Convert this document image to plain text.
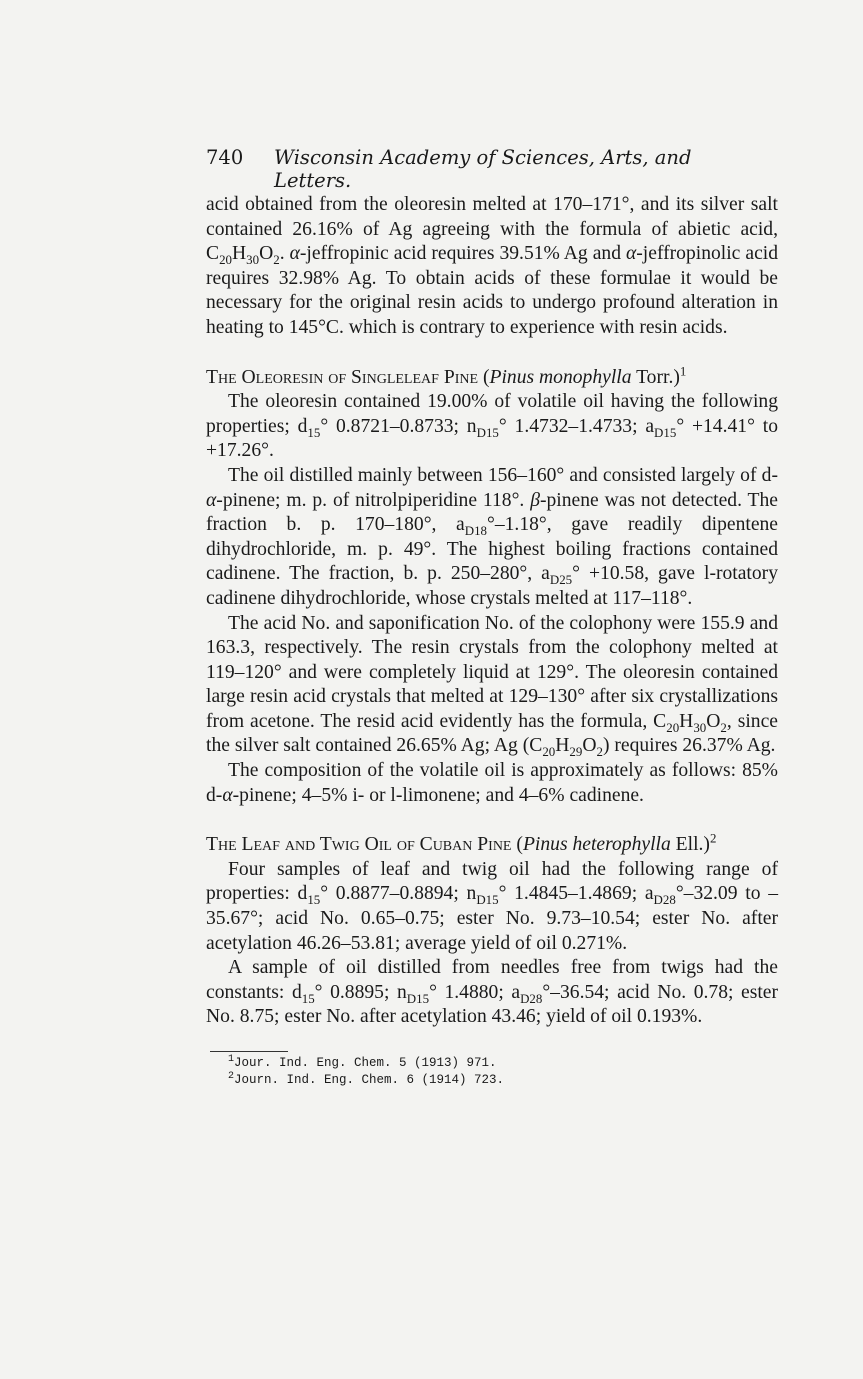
740 Wisconsin Academy of Sciences, Arts, and Letters.

acid obtained from the oleoresin melted at 170–171°, and its silver salt contained 26.16% of Ag agreeing with the formula of abietic acid, $C_{20}H_{30}O_2$. α-jeffropinic acid requires 39.51% Ag and α-jeffropinolic acid requires 32.98% Ag. To obtain acids of these formulae it would be necessary for the original resin acids to undergo profound alteration in heating to 145°C. which is contrary to experience with resin acids.

The Oleoresin of Singleleaf Pine (Pinus monophylla Torr.)$^1$

The oleoresin contained 19.00% of volatile oil having the following properties; $d_{15}^\circ$ 0.8721–0.8733; $n_{D15}^\circ$ 1.4732–1.4733; $a_{D15}^\circ +14.41^\circ$ to +17.26°.

The oil distilled mainly between 156–160° and consisted largely of d-α-pinene; m. p. of nitrolpiperidine 118°. β-pinene was not detected. The fraction b. p. 170–180°, $a_{D18}^\circ-1.18^\circ$, gave readily dipentene dihydrochloride, m. p. 49°. The highest boiling fractions contained cadinene. The fraction, b. p. 250–280°, $a_{D25}^\circ +10.58$, gave l-rotatory cadinene dihydrochloride, whose crystals melted at 117–118°.

The acid No. and saponification No. of the colophony were 155.9 and 163.3, respectively. The resin crystals from the colophony melted at 119–120° and were completely liquid at 129°. The oleoresin contained large resin acid crystals that melted at 129–130° after six crystallizations from acetone. The resid acid evidently has the formula, $C_{20}H_{30}O_2$, since the silver salt contained 26.65% Ag; Ag $(C_{20}H_{29}O_2)$ requires 26.37% Ag.

The composition of the volatile oil is approximately as follows: 85% d-α-pinene; 4–5% i- or l-limonene; and 4–6% cadinene.

The Leaf and Twig Oil of Cuban Pine (Pinus heterophylla Ell.)$^2$

Four samples of leaf and twig oil had the following range of properties: $d_{15}^\circ$ 0.8877–0.8894; $n_{D15}^\circ$ 1.4845–1.4869; $a_{D28}^\circ-32.09$ to –35.67°; acid No. 0.65–0.75; ester No. 9.73–10.54; ester No. after acetylation 46.26–53.81; average yield of oil 0.271%.

A sample of oil distilled from needles free from twigs had the constants: $d_{15}^\circ$ 0.8895; $n_{D15}^\circ$ 1.4880; $a_{D28}^\circ-36.54$; acid No. 0.78; ester No. 8.75; ester No. after acetylation 43.46; yield of oil 0.193%.

$^1$Jour. Ind. Eng. Chem. 5 (1913) 971.
$^2$Journ. Ind. Eng. Chem. 6 (1914) 723.
